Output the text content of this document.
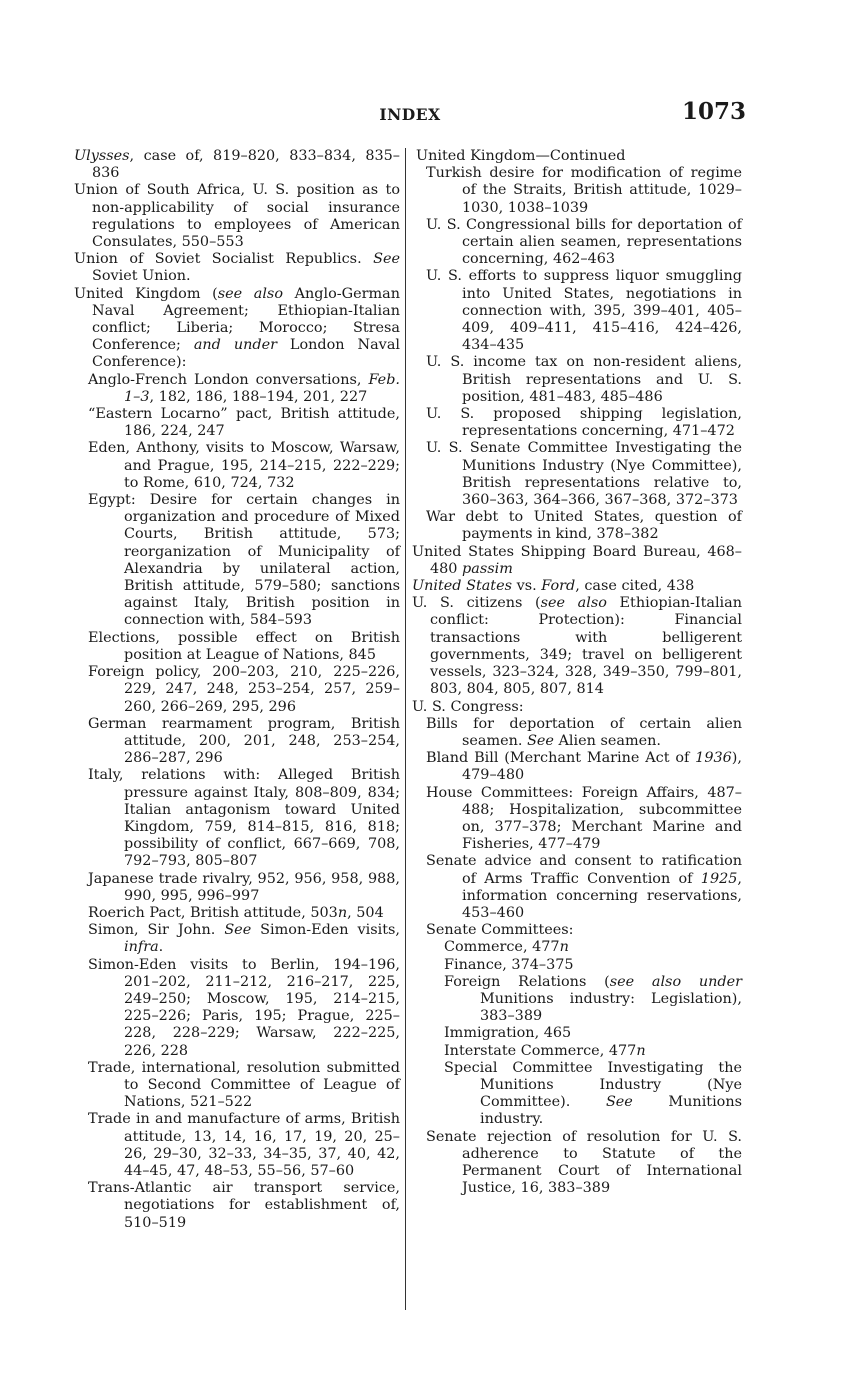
INDEX	1073
Ulysses, case of, 819–820, 833–834, 835–836
Union of South Africa, U. S. position as to non-applicability of social insurance regulations to employees of American Consulates, 550–553
Union of Soviet Socialist Republics. See Soviet Union.
United Kingdom (see also Anglo-German Naval Agreement; Ethiopian-Italian conflict; Liberia; Morocco; Stresa Conference; and under London Naval Conference):
Anglo-French London conversations, Feb. 1–3, 182, 186, 188–194, 201, 227
“Eastern Locarno” pact, British attitude, 186, 224, 247
Eden, Anthony, visits to Moscow, Warsaw, and Prague, 195, 214–215, 222–229; to Rome, 610, 724, 732
Egypt: Desire for certain changes in organization and procedure of Mixed Courts, British attitude, 573; reorganization of Municipality of Alexandria by unilateral action, British attitude, 579–580; sanctions against Italy, British position in connection with, 584–593
Elections, possible effect on British position at League of Nations, 845
Foreign policy, 200–203, 210, 225–226, 229, 247, 248, 253–254, 257, 259–260, 266–269, 295, 296
German rearmament program, British attitude, 200, 201, 248, 253–254, 286–287, 296
Italy, relations with: Alleged British pressure against Italy, 808–809, 834; Italian antagonism toward United Kingdom, 759, 814–815, 816, 818; possibility of conflict, 667–669, 708, 792–793, 805–807
Japanese trade rivalry, 952, 956, 958, 988, 990, 995, 996–997
Roerich Pact, British attitude, 503n, 504
Simon, Sir John. See Simon-Eden visits, infra.
Simon-Eden visits to Berlin, 194–196, 201–202, 211–212, 216–217, 225, 249–250; Moscow, 195, 214–215, 225–226; Paris, 195; Prague, 225–228, 228–229; Warsaw, 222–225, 226, 228
Trade, international, resolution submitted to Second Committee of League of Nations, 521–522
Trade in and manufacture of arms, British attitude, 13, 14, 16, 17, 19, 20, 25–26, 29–30, 32–33, 34–35, 37, 40, 42, 44–45, 47, 48–53, 55–56, 57–60
Trans-Atlantic air transport service, negotiations for establishment of, 510–519
United Kingdom—Continued
Turkish desire for modification of regime of the Straits, British attitude, 1029–1030, 1038–1039
U. S. Congressional bills for deportation of certain alien seamen, representations concerning, 462–463
U. S. efforts to suppress liquor smuggling into United States, negotiations in connection with, 395, 399–401, 405–409, 409–411, 415–416, 424–426, 434–435
U. S. income tax on non-resident aliens, British representations and U. S. position, 481–483, 485–486
U. S. proposed shipping legislation, representations concerning, 471–472
U. S. Senate Committee Investigating the Munitions Industry (Nye Committee), British representations relative to, 360–363, 364–366, 367–368, 372–373
War debt to United States, question of payments in kind, 378–382
United States Shipping Board Bureau, 468–480 passim
United States vs. Ford, case cited, 438
U. S. citizens (see also Ethiopian-Italian conflict: Protection): Financial transactions with belligerent governments, 349; travel on belligerent vessels, 323–324, 328, 349–350, 799–801, 803, 804, 805, 807, 814
U. S. Congress:
Bills for deportation of certain alien seamen. See Alien seamen.
Bland Bill (Merchant Marine Act of 1936), 479–480
House Committees: Foreign Affairs, 487–488; Hospitalization, subcommittee on, 377–378; Merchant Marine and Fisheries, 477–479
Senate advice and consent to ratification of Arms Traffic Convention of 1925, information concerning reservations, 453–460
Senate Committees:
Commerce, 477n
Finance, 374–375
Foreign Relations (see also under Munitions industry: Legislation), 383–389
Immigration, 465
Interstate Commerce, 477n
Special Committee Investigating the Munitions Industry (Nye Committee). See Munitions industry.
Senate rejection of resolution for U. S. adherence to Statute of the Permanent Court of International Justice, 16, 383–389
